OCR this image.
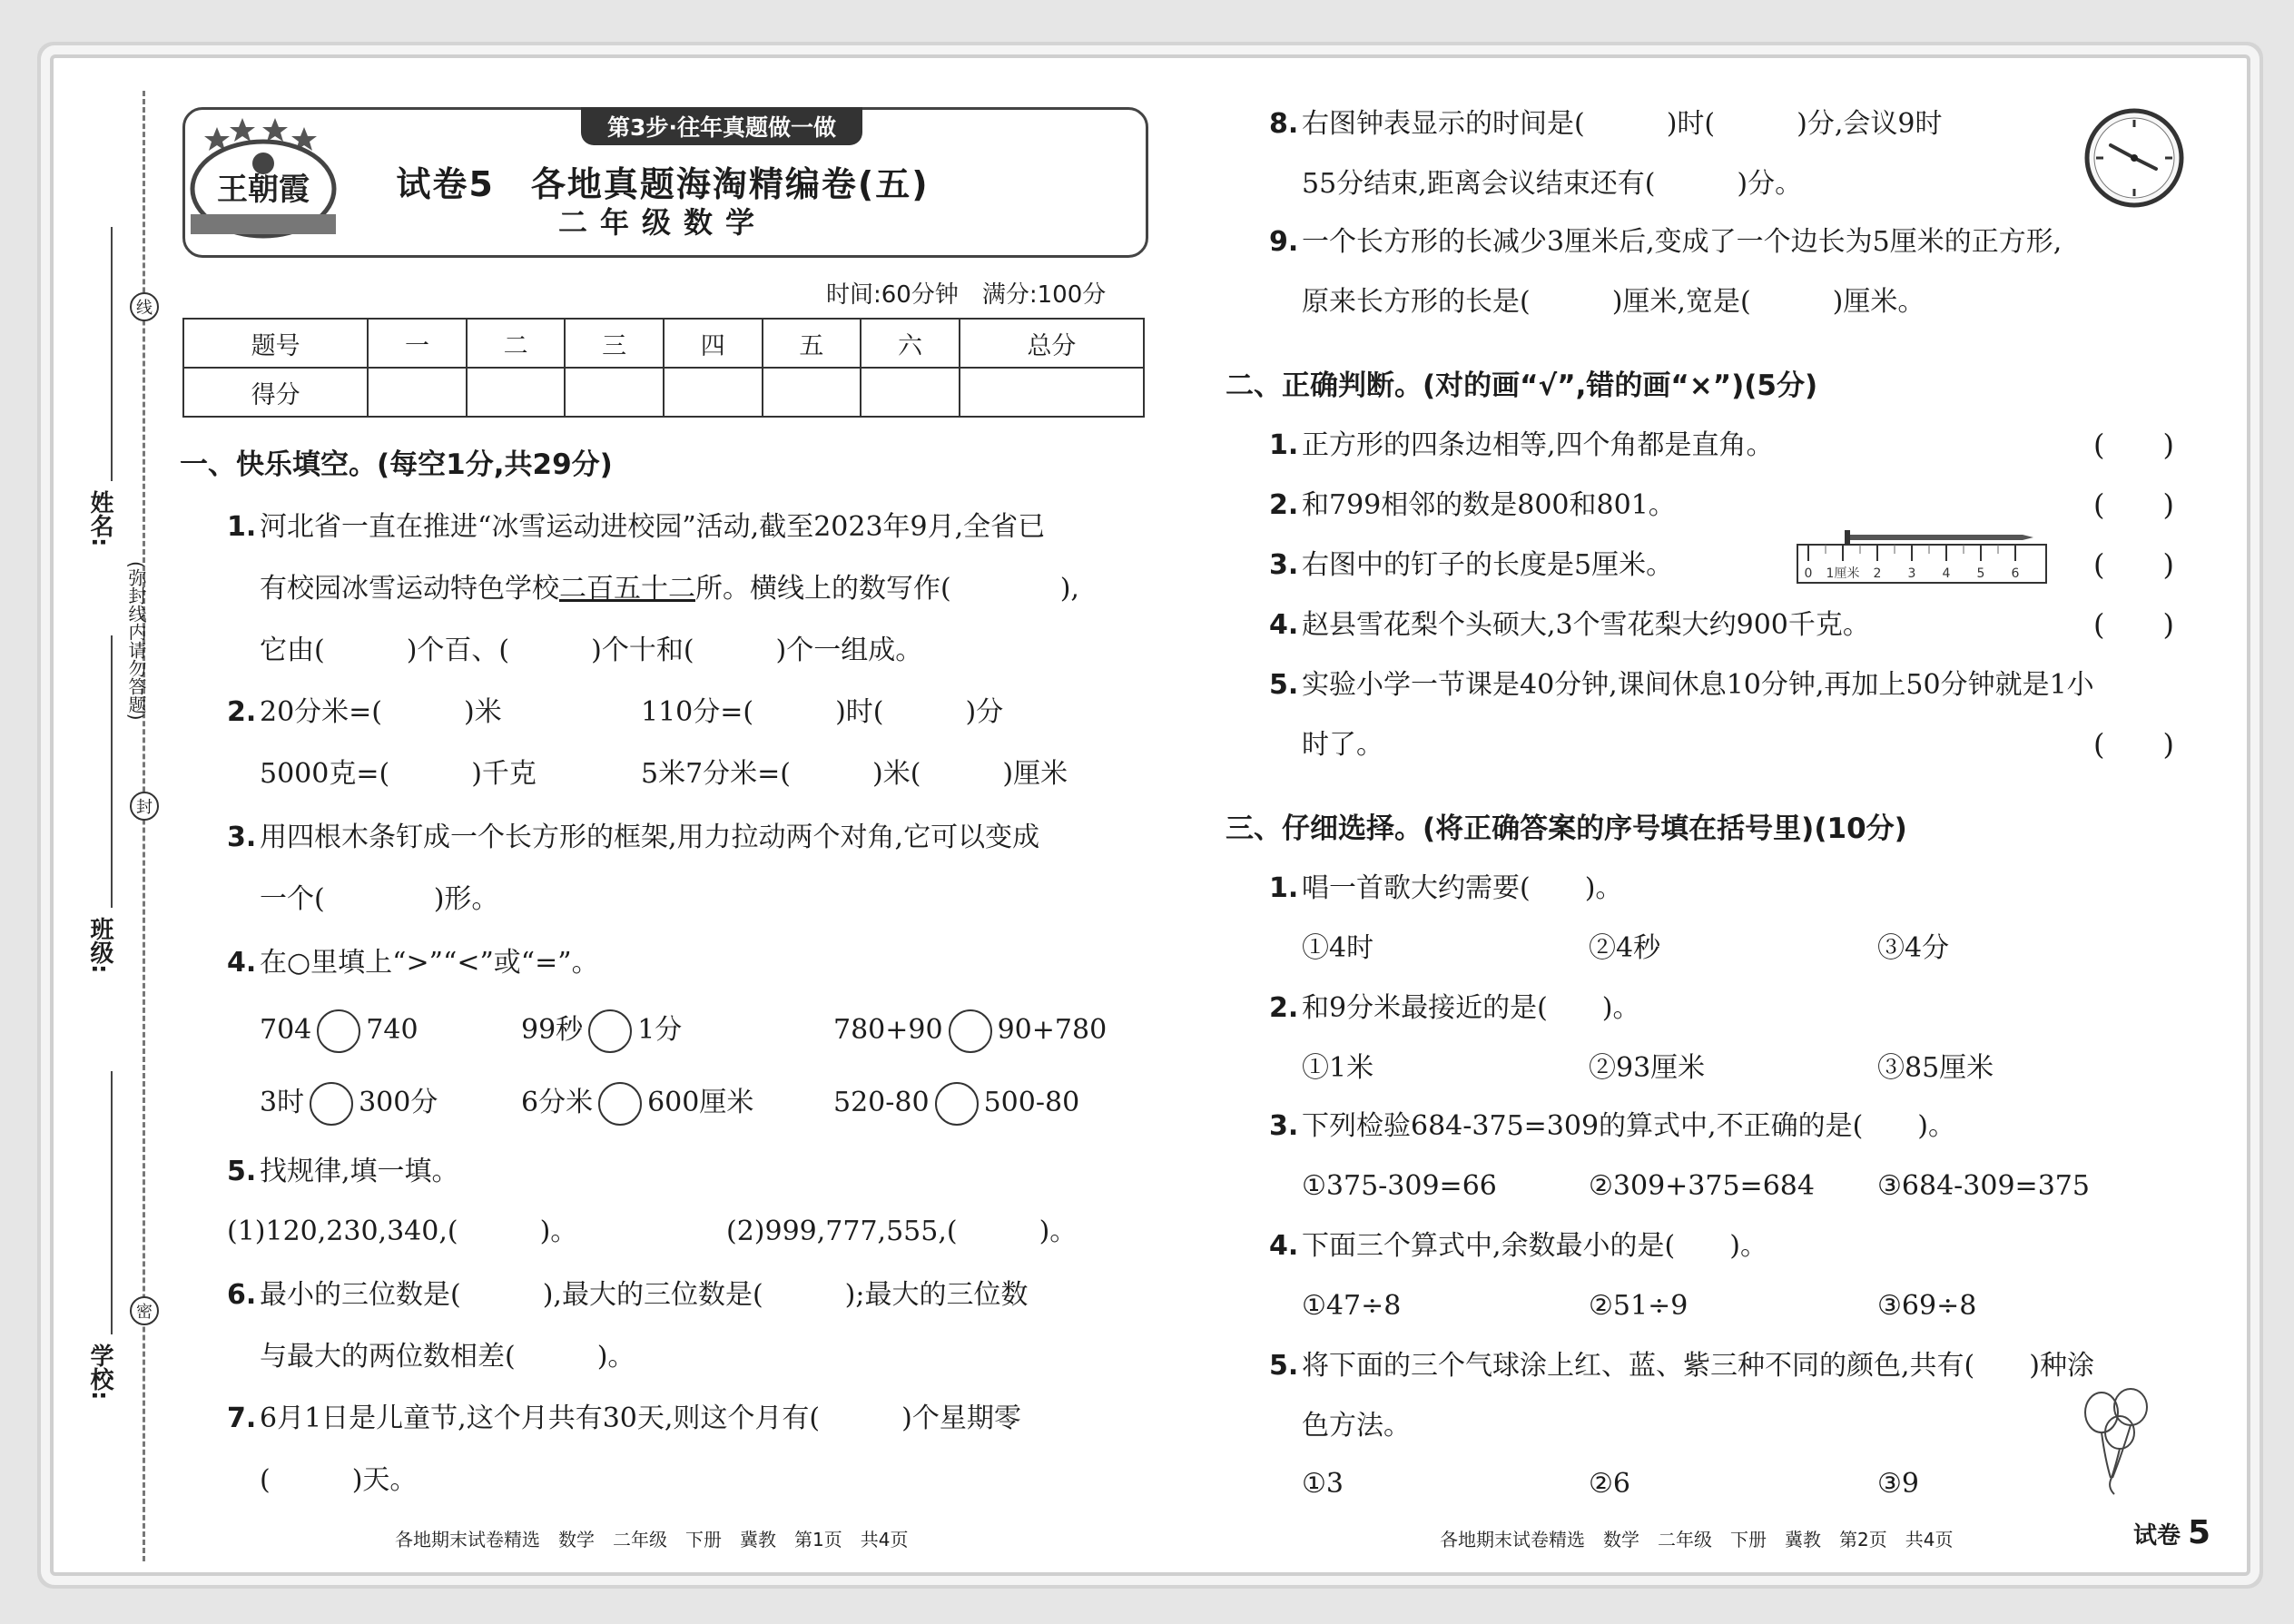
线
封
密
(弥封线内请勿答题)
姓名:
班级:
学校:
第3步·往年真题做一做
王朝霞	试卷5　各地真题海淘精编卷(五)
二年级数学
时间:60分钟　满分:100分
题号	一	二	三	四	五	六	总分
得分							
一、快乐填空。(每空1分,共29分)
1. 河北省一直在推进“冰雪运动进校园”活动,截至2023年9月,全省已
有校园冰雪运动特色学校二百五十二所。横线上的数写作(　　　　),
它由(　　　)个百、(　　　)个十和(　　　)个一组成。
2. 20分米=(　　　)米	110分=(　　　)时(　　　)分
5000克=(　　　)千克	5米7分米=(　　　)米(　　　)厘米
3. 用四根木条钉成一个长方形的框架,用力拉动两个对角,它可以变成
一个(　　　　)形。
4. 在○里填上“>”“<”或“=”。
704 740	99秒 1分	780+90 90+780
3时 300分	6分米 600厘米	520-80 500-80
5. 找规律,填一填。
(1)120,230,340,(　　　)。	(2)999,777,555,(　　　)。
6. 最小的三位数是(　　　),最大的三位数是(　　　);最大的三位数
与最大的两位数相差(　　　)。
7. 6月1日是儿童节,这个月共有30天,则这个月有(　　　)个星期零
(　　　)天。
各地期末试卷精选　数学　二年级　下册　冀教　第1页　共4页
8. 右图钟表显示的时间是(　　　)时(　　　)分,会议9时
55分结束,距离会议结束还有(　　　)分。
9. 一个长方形的长减少3厘米后,变成了一个边长为5厘米的正方形,
原来长方形的长是(　　　)厘米,宽是(　　　)厘米。
二、正确判断。(对的画“√”,错的画“×”)(5分)
1. 正方形的四条边相等,四个角都是直角。	(　　)
2. 和799相邻的数是800和801。	(　　)
3. 右图中的钉子的长度是5厘米。	(　　)
0 1厘米 2 3 4 5 6
4. 赵县雪花梨个头硕大,3个雪花梨大约900千克。	(　　)
5. 实验小学一节课是40分钟,课间休息10分钟,再加上50分钟就是1小
时了。	(　　)
三、仔细选择。(将正确答案的序号填在括号里)(10分)
1. 唱一首歌大约需要(　　)。
①4时	②4秒	③4分
2. 和9分米最接近的是(　　)。
①1米	②93厘米	③85厘米
3. 下列检验684-375=309的算式中,不正确的是(　　)。
①375-309=66	②309+375=684 ③684-309=375
4. 下面三个算式中,余数最小的是(　　)。
①47÷8	②51÷9	③69÷8
5. 将下面的三个气球涂上红、蓝、紫三种不同的颜色,共有(　　)种涂
色方法。
①3	②6	③9
各地期末试卷精选　数学　二年级　下册　冀教　第2页　共4页	试卷 5
